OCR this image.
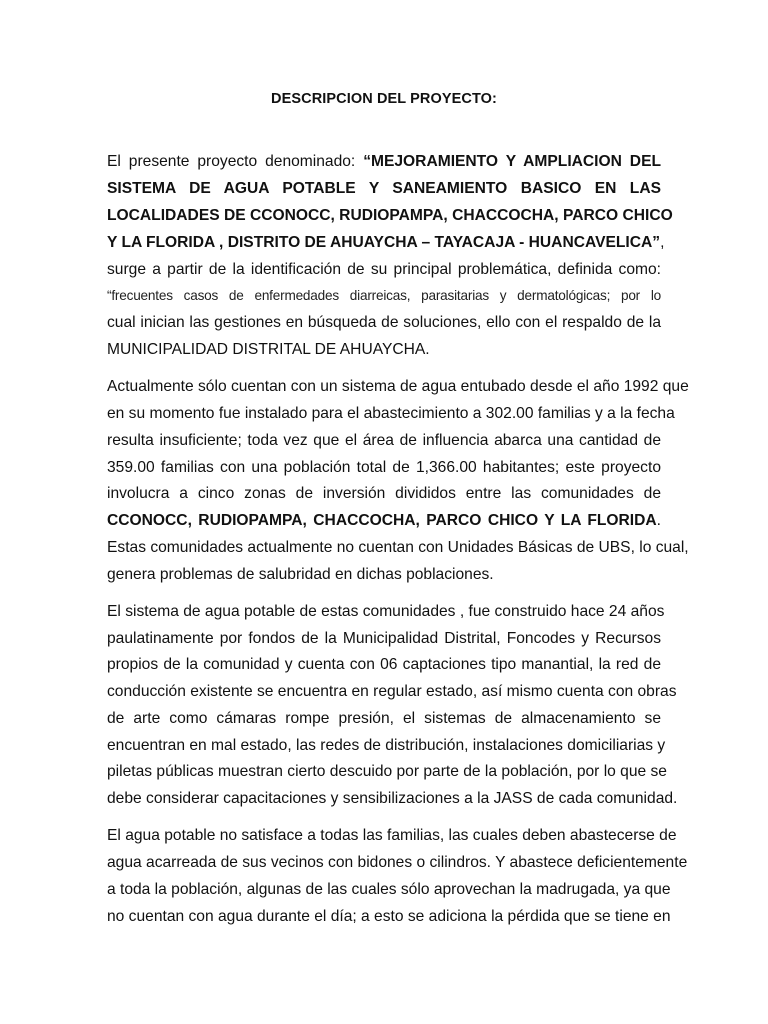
DESCRIPCION DEL PROYECTO:
El presente proyecto denominado: “MEJORAMIENTO Y AMPLIACION DEL
SISTEMA DE AGUA POTABLE Y SANEAMIENTO BASICO EN LAS
LOCALIDADES DE CCONOCC, RUDIOPAMPA, CHACCOCHA, PARCO CHICO
Y LA FLORIDA , DISTRITO DE AHUAYCHA – TAYACAJA - HUANCAVELICA”,
surge a partir de la identificación de su principal problemática, definida como:
“frecuentes casos de enfermedades diarreicas, parasitarias y dermatológicas; por lo
cual inician las gestiones en búsqueda de soluciones, ello con el respaldo de la
MUNICIPALIDAD DISTRITAL DE AHUAYCHA.
Actualmente sólo cuentan con un sistema de agua entubado desde el año 1992 que
en su momento fue instalado para el abastecimiento a 302.00 familias y a la fecha
resulta insuficiente; toda vez que el área de influencia abarca una cantidad de
359.00 familias con una población total de 1,366.00 habitantes; este proyecto
involucra a cinco zonas de inversión divididos entre las comunidades de
CCONOCC, RUDIOPAMPA, CHACCOCHA, PARCO CHICO Y LA FLORIDA.
Estas comunidades actualmente no cuentan con Unidades Básicas de UBS, lo cual,
genera problemas de salubridad en dichas poblaciones.
El sistema de agua potable de estas comunidades , fue construido hace 24 años
paulatinamente por fondos de la Municipalidad Distrital, Foncodes y Recursos
propios de la comunidad y cuenta con 06 captaciones tipo manantial, la red de
conducción existente se encuentra en regular estado, así mismo cuenta con obras
de arte como cámaras rompe presión, el sistemas de almacenamiento se
encuentran en mal estado, las redes de distribución, instalaciones domiciliarias y
piletas públicas muestran cierto descuido por parte de la población, por lo que se
debe considerar capacitaciones y sensibilizaciones a la JASS de cada comunidad.
El agua potable no satisface a todas las familias, las cuales deben abastecerse de
agua acarreada de sus vecinos con bidones o cilindros. Y abastece deficientemente
a toda la población, algunas de las cuales sólo aprovechan la madrugada, ya que
no cuentan con agua durante el día; a esto se adiciona la pérdida que se tiene en
